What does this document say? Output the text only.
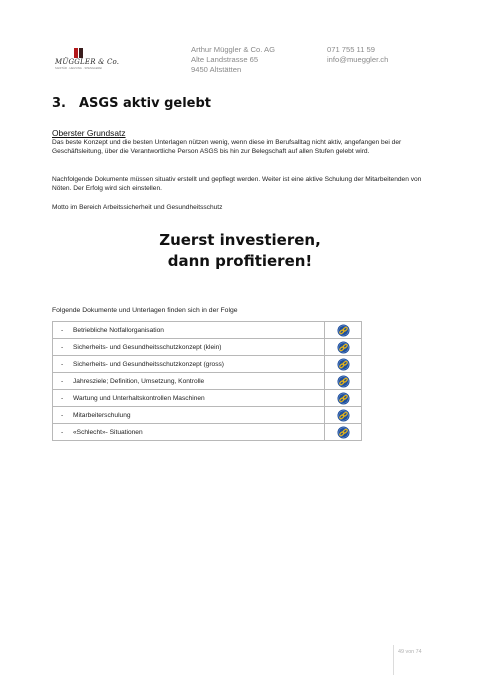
MÜGGLER & Co.
SANITÄR · HEIZUNG · SPENGLEREI
Arthur Müggler & Co. AG
Alte Landstrasse 65
9450 Altstätten
071 755 11 59
info@mueggler.ch
3. ASGS aktiv gelebt
Oberster Grundsatz
Das beste Konzept und die besten Unterlagen nützen wenig, wenn diese im Berufsalltag nicht aktiv, angefangen bei der Geschäftsleitung, über die Verantwortliche Person ASGS bis hin zur Belegschaft auf allen Stufen gelebt wird.
Nachfolgende Dokumente müssen situativ erstellt und gepflegt werden. Weiter ist eine aktive Schulung der Mitarbeitenden von Nöten. Der Erfolg wird sich einstellen.
Motto im Bereich Arbeitssicherheit und Gesundheitsschutz
Zuerst investieren,
dann profitieren!
Folgende Dokumente und Unterlagen finden sich in der Folge
- Betriebliche Notfallorganisation	
- Sicherheits- und Gesundheitsschutzkonzept (klein)	
- Sicherheits- und Gesundheitsschutzkonzept (gross)	
- Jahresziele; Definition, Umsetzung, Kontrolle	
- Wartung und Unterhaltskontrollen Maschinen	
- Mitarbeiterschulung	
- «Schlecht»- Situationen	
49 von 74
